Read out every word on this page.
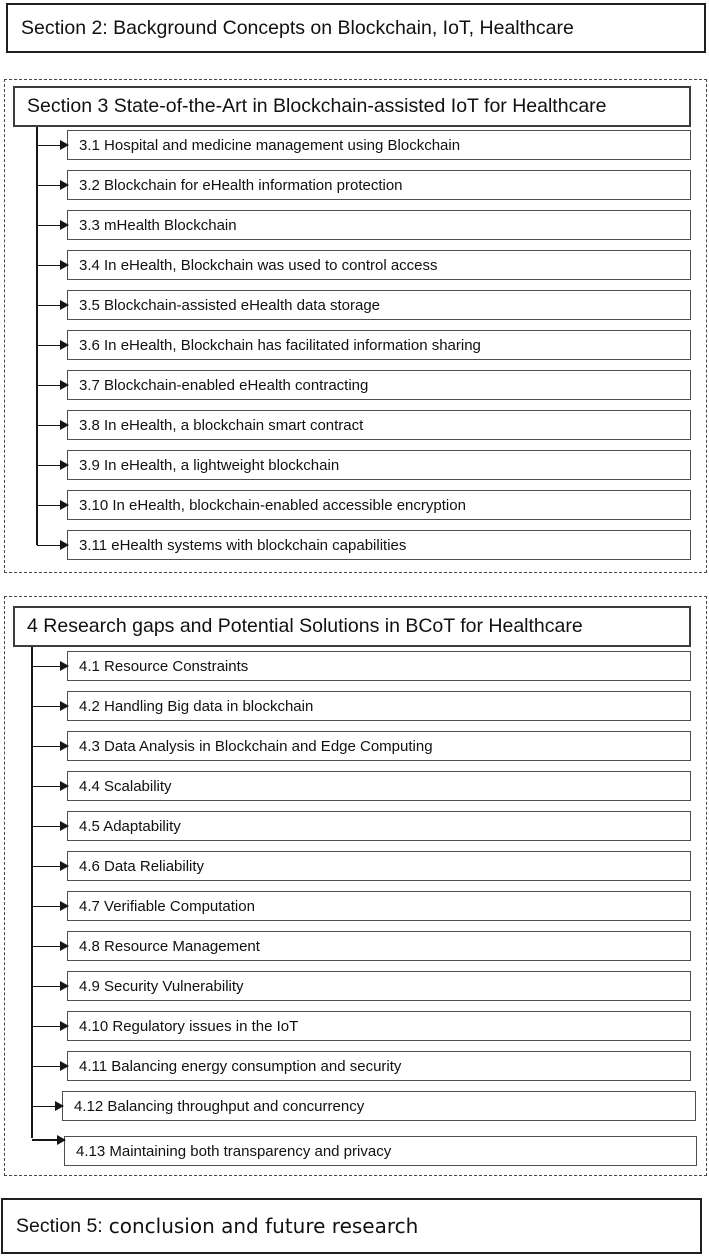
Section 2: Background Concepts on Blockchain, IoT, Healthcare
Section 3 State-of-the-Art in Blockchain-assisted IoT for Healthcare
3.1 Hospital and medicine management using Blockchain
3.2 Blockchain for eHealth information protection
3.3 mHealth Blockchain
3.4 In eHealth, Blockchain was used to control access
3.5 Blockchain-assisted eHealth data storage
3.6 In eHealth, Blockchain has facilitated information sharing
3.7 Blockchain-enabled eHealth contracting
3.8 In eHealth, a blockchain smart contract
3.9 In eHealth, a lightweight blockchain
3.10 In eHealth, blockchain-enabled accessible encryption
3.11 eHealth systems with blockchain capabilities
4 Research gaps and Potential Solutions in BCoT for Healthcare
4.1 Resource Constraints
4.2 Handling Big data in blockchain
4.3 Data Analysis in Blockchain and Edge Computing
4.4 Scalability
4.5 Adaptability
4.6 Data Reliability
4.7 Verifiable Computation
4.8 Resource Management
4.9 Security Vulnerability
4.10 Regulatory issues in the IoT
4.11 Balancing energy consumption and security
4.12 Balancing throughput and concurrency
4.13 Maintaining both transparency and privacy
Section 5: conclusion and future research
